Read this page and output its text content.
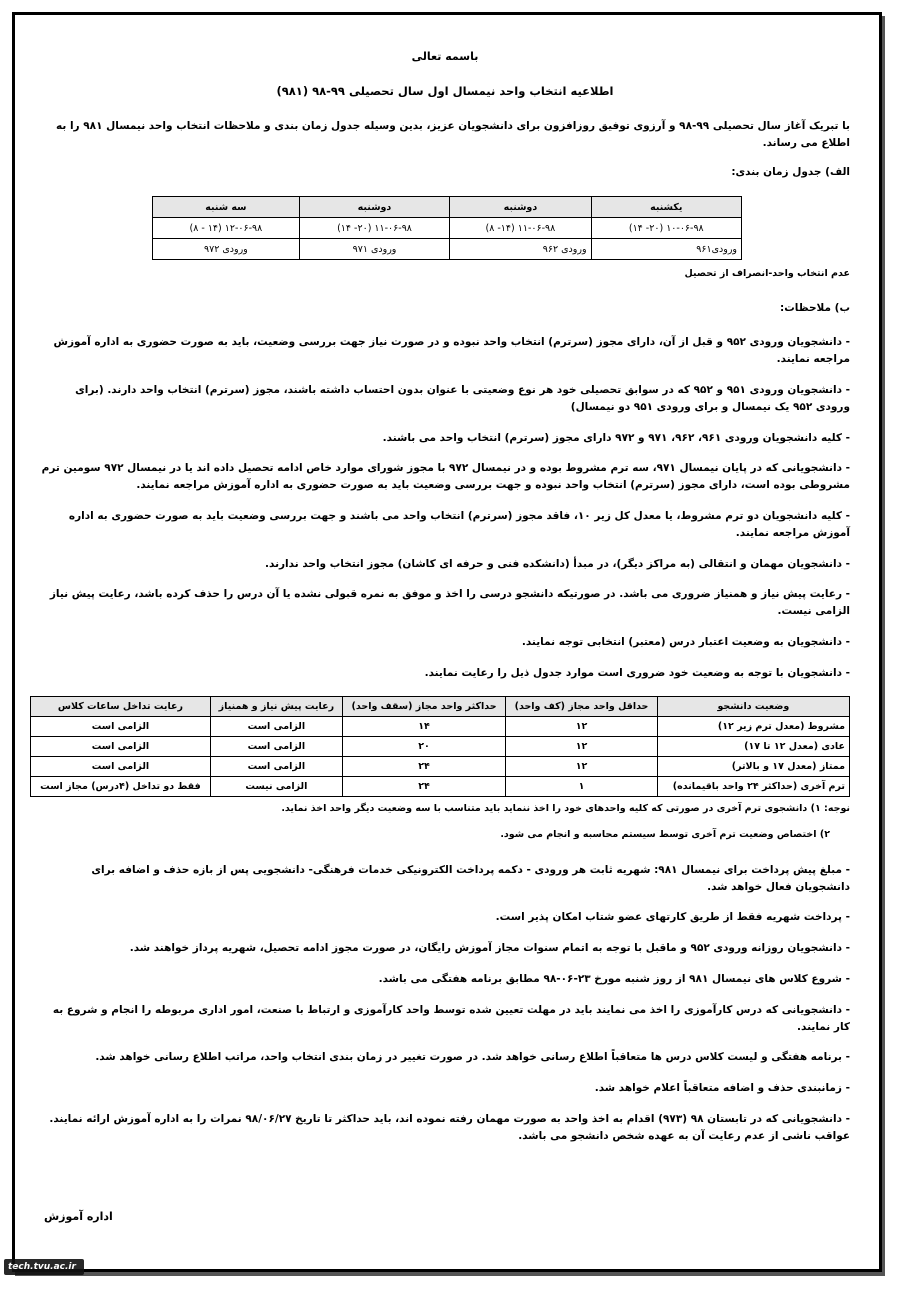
باسمه تعالی
اطلاعیه انتخاب واحد نیمسال اول سال تحصیلی ۹۹-۹۸ (۹۸۱)

با تبریک آغاز سال تحصیلی ۹۹-۹۸ و آرزوی توفیق روزافزون برای دانشجویان عزیز، بدین وسیله جدول زمان بندی و ملاحظات انتخاب واحد نیمسال ۹۸۱ را به اطلاع می رساند.

الف) جدول زمان بندی:

یکشنبه	دوشنبه	دوشنبه	سه شنبه
۱۰-۰۶-۹۸ (۲۰- ۱۴)	۱۱-۰۶-۹۸ (۱۴- ۸)	۱۱-۰۶-۹۸ (۲۰- ۱۴)	۱۲-۰۶-۹۸ (۱۴ - ۸)
ورودی۹۶۱	ورودی ۹۶۲	ورودی ۹۷۱	ورودی ۹۷۲

عدم انتخاب واحد-انصراف از تحصیل

ب) ملاحظات:

- دانشجویان ورودی ۹۵۲ و قبل از آن، دارای مجوز (سرترم) انتخاب واحد نبوده و در صورت نیاز جهت بررسی وضعیت، باید به صورت حضوری به اداره آموزش مراجعه نمایند.

- دانشجویان ورودی ۹۵۱ و ۹۵۲ که در سوابق تحصیلی خود هر نوع وضعیتی با عنوان بدون احتساب داشته باشند، مجوز (سرترم) انتخاب واحد دارند. (برای ورودی ۹۵۲ یک نیمسال و برای ورودی ۹۵۱ دو نیمسال)

- کلیه دانشجویان ورودی ۹۶۱، ۹۶۲، ۹۷۱ و ۹۷۲ دارای مجوز (سرترم) انتخاب واحد می باشند.

- دانشجویانی که در پایان نیمسال ۹۷۱، سه ترم مشروط بوده و در نیمسال ۹۷۲ با مجوز شورای موارد خاص ادامه تحصیل داده اند یا در نیمسال ۹۷۲ سومین ترم مشروطی بوده است، دارای مجوز (سرترم) انتخاب واحد نبوده و جهت بررسی وضعیت باید به صورت حضوری به اداره آموزش مراجعه نمایند.

- کلیه دانشجویان دو ترم مشروط، یا معدل کل زیر ۱۰، فاقد مجوز (سرترم) انتخاب واحد می باشند و جهت بررسی وضعیت باید به صورت حضوری به اداره آموزش مراجعه نمایند.

- دانشجویان مهمان و انتقالی (به مراکز دیگر)، در مبدأ (دانشکده فنی و حرفه ای کاشان) مجوز انتخاب واحد ندارند.

- رعایت پیش نیاز و همنیاز ضروری می باشد. در صورتیکه دانشجو درسی را اخذ و موفق به نمره قبولی نشده یا آن درس را حذف کرده باشد، رعایت پیش نیاز الزامی نیست.

- دانشجویان به وضعیت اعتبار درس (معتبر) انتخابی توجه نمایند.

- دانشجویان با توجه به وضعیت خود ضروری است موارد جدول ذیل را رعایت نمایند.

وضعیت دانشجو	حداقل واحد مجاز (کف واحد)	حداکثر واحد مجاز (سقف واحد)	رعایت پیش نیاز و همنیاز	رعایت تداخل ساعات کلاس
مشروط (معدل ترم زیر ۱۲)	۱۲	۱۴	الزامی است	الزامی است
عادی (معدل ۱۲ تا ۱۷)	۱۲	۲۰	الزامی است	الزامی است
ممتاز (معدل ۱۷ و بالاتر)	۱۲	۲۴	الزامی است	الزامی است
ترم آخری (حداکثر ۲۴ واحد باقیمانده)	۱	۲۴	الزامی نیست	فقط دو تداخل (۴درس) مجاز است

نوجه: ۱) دانشجوی ترم آخری در صورتی که کلیه واحدهای خود را اخذ ننماید باید متناسب با سه وضعیت دیگر واحد اخذ نماید.

۲) اختصاص وضعیت ترم آخری توسط سیستم محاسبه و انجام می شود.

- مبلغ پیش پرداخت برای نیمسال ۹۸۱: شهریه ثابت هر ورودی - دکمه پرداخت الکترونیکی خدمات فرهنگی- دانشجویی پس از بازه حذف و اضافه برای دانشجویان فعال خواهد شد.

- پرداخت شهریه فقط از طریق کارتهای عضو شتاب امکان پذیر است.

- دانشجویان روزانه ورودی ۹۵۲ و ماقبل با توجه به اتمام سنوات مجاز آموزش رایگان، در صورت مجوز ادامه تحصیل، شهریه پرداز خواهند شد.

- شروع کلاس های نیمسال ۹۸۱ از روز شنبه مورخ ۲۳-۰۶-۹۸ مطابق برنامه هفتگی می باشد.

- دانشجویانی که درس کارآموزی را اخذ می نمایند باید در مهلت تعیین شده توسط واحد کارآموزی و ارتباط با صنعت، امور اداری مربوطه را انجام و شروع به کار نمایند.

- برنامه هفتگی و لیست کلاس درس ها متعاقباً اطلاع رسانی خواهد شد. در صورت تغییر در زمان بندی انتخاب واحد، مراتب اطلاع رسانی خواهد شد.

- زمانبندی حذف و اضافه متعاقباً اعلام خواهد شد.

- دانشجویانی که در تابستان ۹۸ (۹۷۳) اقدام به اخذ واحد به صورت مهمان رفته نموده اند، باید حداکثر تا تاریخ ۹۸/۰۶/۲۷ نمرات را به اداره آموزش ارائه نمایند. عواقب ناشی از عدم رعایت آن به عهده شخص دانشجو می باشد.

اداره آموزش
tech.tvu.ac.ir
